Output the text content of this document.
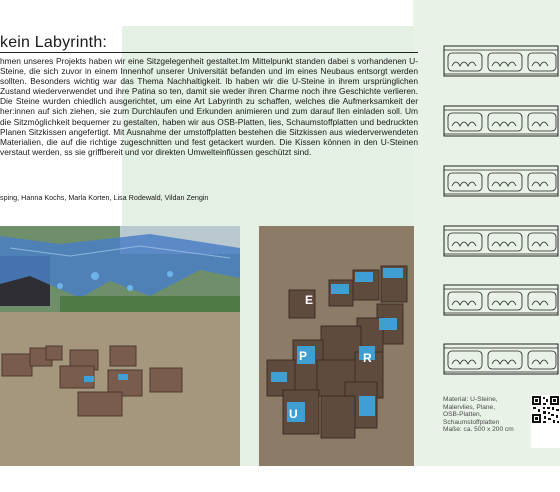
kein Labyrinth:

hmen unseres Projekts haben wir eine Sitzgelegenheit gestaltet.Im Mittelpunkt standen dabei s vorhandenen U-Steine, die sich zuvor in einem Innenhof unserer Universität befanden und im eines Neubaus entsorgt werden sollten. Besonders wichtig war das Thema Nachhaltigkeit. lb haben wir die U-Steine in ihrem ursprünglichen Zustand wiederverwendet und ihre Patina so ten, damit sie weder ihren Charme noch ihre Geschichte verlieren. Die Steine wurden chiedlich ausgerichtet, um eine Art Labyrinth zu schaffen, welches die Aufmerksamkeit der her:innen auf sich ziehen, sie zum Durchlaufen und Erkunden animieren und zum darauf llen einladen soll. Um die Sitzmöglichkeit bequemer zu gestalten, haben wir aus OSB-Platten, lies, Schaumstoffplatten und bedruckten Planen Sitzkissen angefertigt. Mit Ausnahme der umstoffplatten bestehen die Sitzkissen aus wiederverwendeten Materialien, die auf die richtige zugeschnitten und fest getackert wurden. Die Kissen können in den U-Steinen verstaut werden, ss sie griffbereit und vor direkten Umwelteinflüssen geschützt sind.

sping, Hanna Kochs, Marla Korten, Lisa Rodewald, Vildan Zengin

E
P	R
U

Material: U-Steine,
Malervlies, Plane,
OSB-Platten,
Schaumstoffplatten
Maße: ca. 500 x 200 cm
